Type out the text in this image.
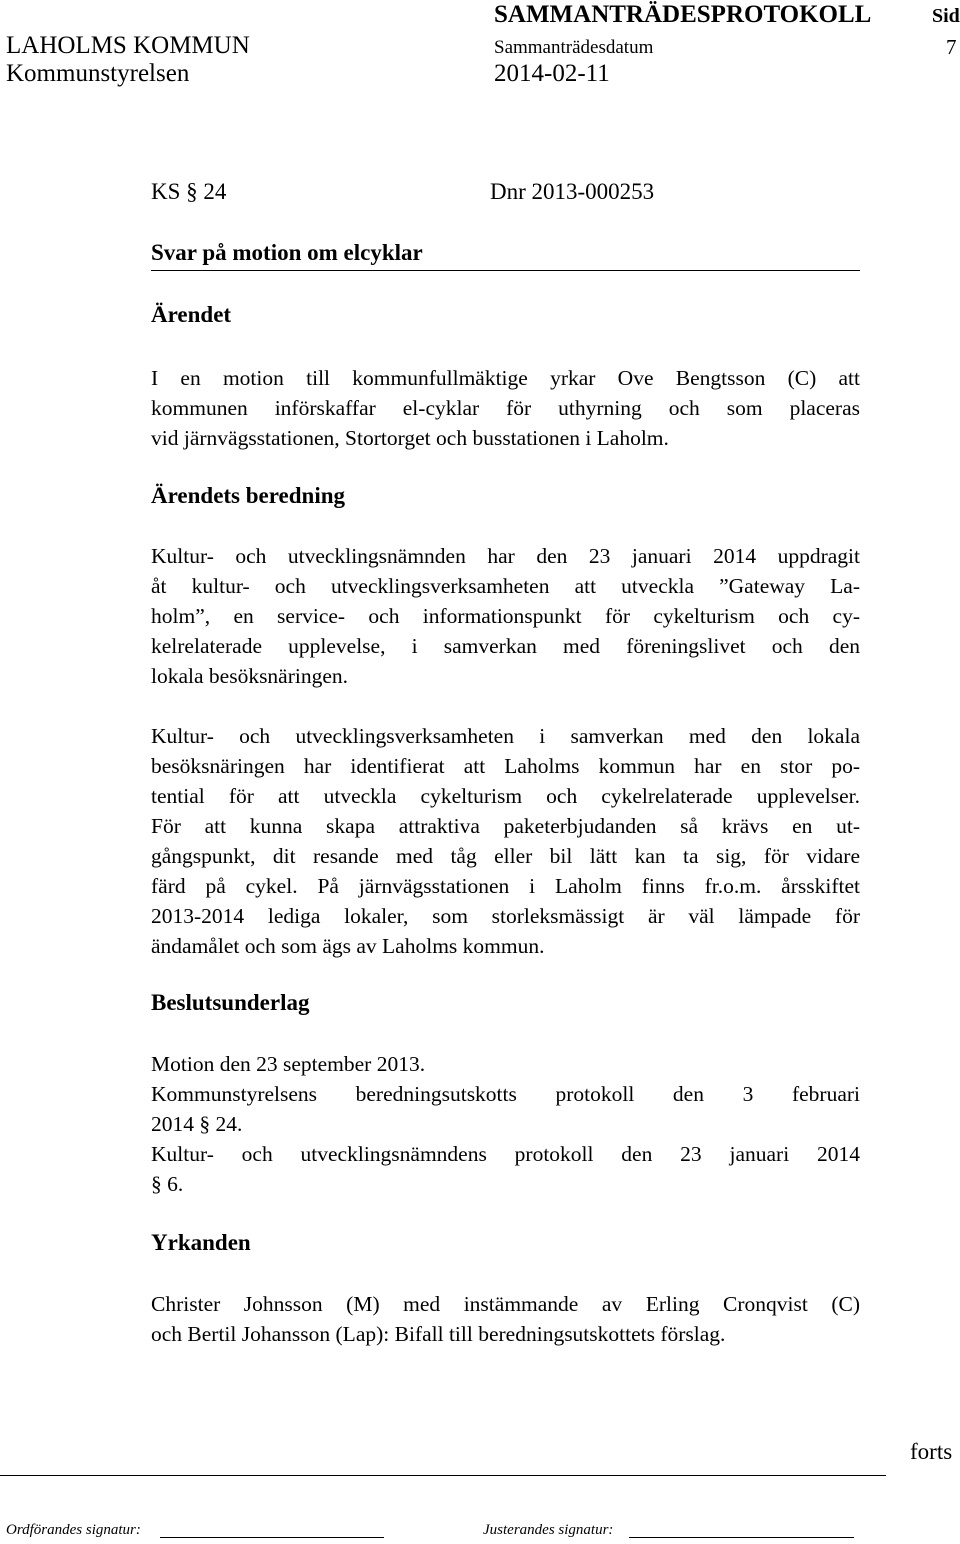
LAHOLMS KOMMUN
Kommunstyrelsen
SAMMANTRÄDESPROTOKOLL	Sid
Sammanträdesdatum	7
2014-02-11
KS § 24	Dnr 2013-000253
Svar på motion om elcyklar
Ärendet
I en motion till kommunfullmäktige yrkar Ove Bengtsson (C) att
kommunen införskaffar el-cyklar för uthyrning och som placeras
vid järnvägsstationen, Stortorget och busstationen i Laholm.
Ärendets beredning
Kultur- och utvecklingsnämnden har den 23 januari 2014 uppdragit
åt kultur- och utvecklingsverksamheten att utveckla ”Gateway La-
holm”, en service- och informationspunkt för cykelturism och cy-
kelrelaterade upplevelse, i samverkan med föreningslivet och den
lokala besöksnäringen.
Kultur- och utvecklingsverksamheten i samverkan med den lokala
besöksnäringen har identifierat att Laholms kommun har en stor po-
tential för att utveckla cykelturism och cykelrelaterade upplevelser.
För att kunna skapa attraktiva paketerbjudanden så krävs en ut-
gångspunkt, dit resande med tåg eller bil lätt kan ta sig, för vidare
färd på cykel. På järnvägsstationen i Laholm finns fr.o.m. årsskiftet
2013-2014 lediga lokaler, som storleksmässigt är väl lämpade för
ändamålet och som ägs av Laholms kommun.
Beslutsunderlag
Motion den 23 september 2013.
Kommunstyrelsens beredningsutskotts protokoll den 3 februari
2014 § 24.
Kultur- och utvecklingsnämndens protokoll den 23 januari 2014
§ 6.
Yrkanden
Christer Johnsson (M) med instämmande av Erling Cronqvist (C)
och Bertil Johansson (Lap): Bifall till beredningsutskottets förslag.
forts
Ordförandes signatur:	Justerandes signatur:
